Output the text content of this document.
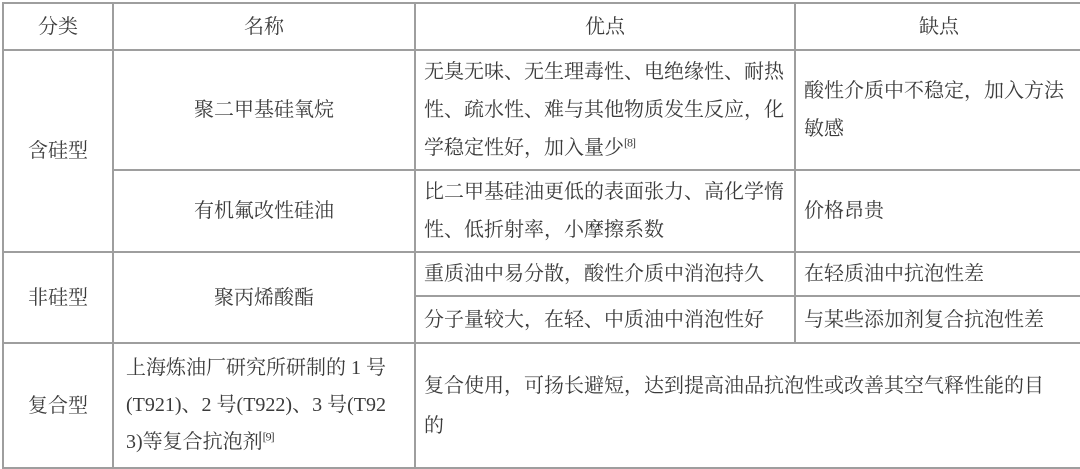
分类	名称	优点	缺点
含硅型	聚二甲基硅氧烷	无臭无味、无生理毒性、电绝缘性、耐热性、疏水性、难与其他物质发生反应，化学稳定性好，加入量少[8]	酸性介质中不稳定，加入方法敏感
	有机氟改性硅油	比二甲基硅油更低的表面张力、高化学惰性、低折射率，小摩擦系数	价格昂贵
非硅型	聚丙烯酸酯	重质油中易分散，酸性介质中消泡持久	在轻质油中抗泡性差
		分子量较大，在轻、中质油中消泡性好	与某些添加剂复合抗泡性差
复合型	上海炼油厂研究所研制的 1 号(T921)、2 号(T922)、3 号(T923)等复合抗泡剂[9]	复合使用，可扬长避短，达到提高油品抗泡性或改善其空气释性能的目的	
